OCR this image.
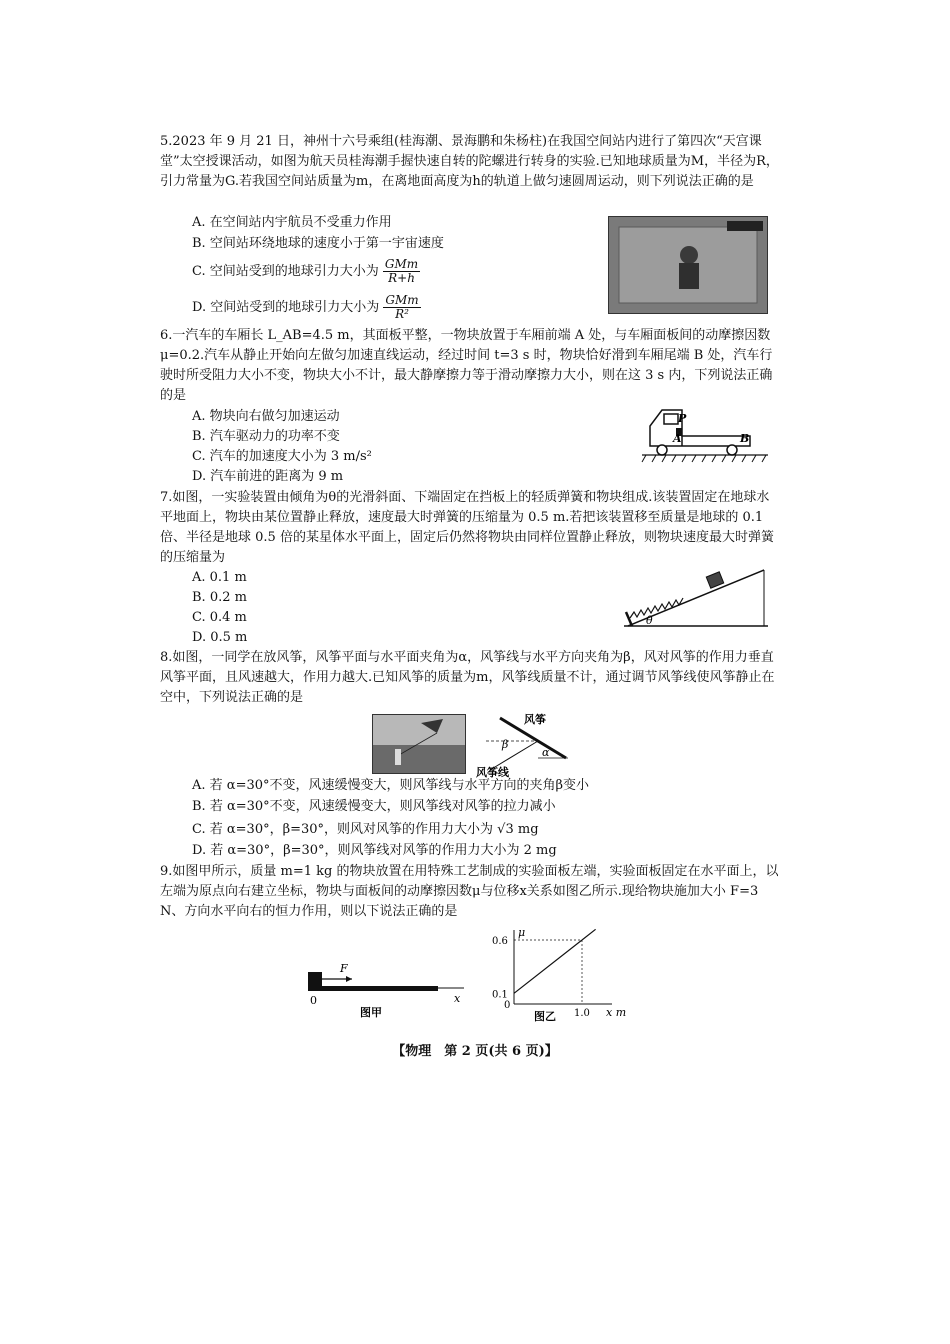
5.2023 年 9 月 21 日，神州十六号乘组(桂海潮、景海鹏和朱杨柱)在我国空间站内进行了第四次“天宫课堂”太空授课活动，如图为航天员桂海潮手握快速自转的陀螺进行转身的实验.已知地球质量为M，半径为R，引力常量为G.若我国空间站质量为m，在离地面高度为h的轨道上做匀速圆周运动，则下列说法正确的是
A. 在空间站内宇航员不受重力作用
B. 空间站环绕地球的速度小于第一宇宙速度
C. 空间站受到的地球引力大小为 $\frac{\text{GMm}}{R+h}$
D. 空间站受到的地球引力大小为 $\frac{\text{GMm}}{\text{R²}}$
6.一汽车的车厢长 L_AB=4.5 m，其面板平整，一物块放置于车厢前端 A 处，与车厢面板间的动摩擦因数 μ=0.2.汽车从静止开始向左做匀加速直线运动，经过时间 t=3 s 时，物块恰好滑到车厢尾端 B 处，汽车行驶时所受阻力大小不变，物块大小不计，最大静摩擦力等于滑动摩擦力大小，则在这 3 s 内，下列说法正确的是
A. 物块向右做匀加速运动
B. 汽车驱动力的功率不变
C. 汽车的加速度大小为 3 m/s²
D. 汽车前进的距离为 9 m
P
A	B
7.如图，一实验装置由倾角为θ的光滑斜面、下端固定在挡板上的轻质弹簧和物块组成.该装置固定在地球水平地面上，物块由某位置静止释放，速度最大时弹簧的压缩量为 0.5 m.若把该装置移至质量是地球的 0.1 倍、半径是地球 0.5 倍的某星体水平面上，固定后仍然将物块由同样位置静止释放，则物块速度最大时弹簧的压缩量为
A. 0.1 m
B. 0.2 m
C. 0.4 m
D. 0.5 m
θ
8.如图，一同学在放风筝，风筝平面与水平面夹角为α，风筝线与水平方向夹角为β，风对风筝的作用力垂直风筝平面，且风速越大，作用力越大.已知风筝的质量为m，风筝线质量不计，通过调节风筝线使风筝静止在空中，下列说法正确的是
风筝
风筝线
β
α
A. 若 α=30°不变，风速缓慢变大，则风筝线与水平方向的夹角β变小
B. 若 α=30°不变，风速缓慢变大，则风筝线对风筝的拉力减小
C. 若 α=30°，β=30°，则风对风筝的作用力大小为 √3 mg
D. 若 α=30°，β=30°，则风筝线对风筝的作用力大小为 2 mg
9.如图甲所示，质量 m=1 kg 的物块放置在用特殊工艺制成的实验面板左端，实验面板固定在水平面上，以左端为原点向右建立坐标，物块与面板间的动摩擦因数μ与位移x关系如图乙所示.现给物块施加大小 F=3 N、方向水平向右的恒力作用，则以下说法正确的是
F
0	x
图甲
μ
x m
0
图乙
0.6
0.1
1.0
【物理　第 2 页(共 6 页)】
